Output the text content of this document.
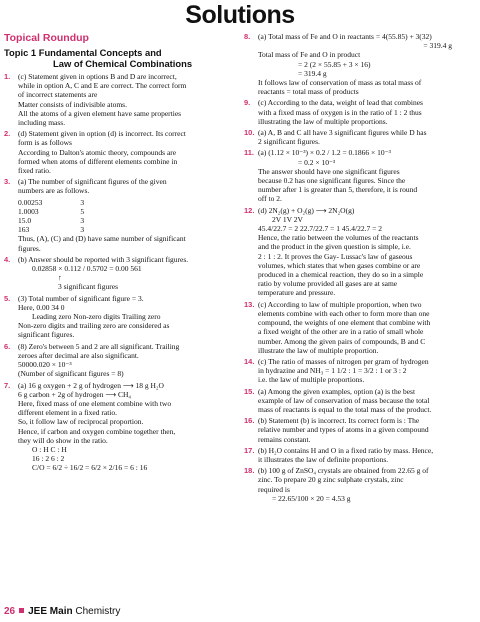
Solutions
Topical Roundup
Topic 1 Fundamental Concepts and
Law of Chemical Combinations
1. (c) Statement given in options B and D are incorrect,
while in option A, C and E are correct. The correct form
of incorrect statements are
Matter consists of indivisible atoms.
All the atoms of a given element have same properties
including mass.
2. (d) Statement given in option (d) is incorrect. Its correct
form is as follows
According to Dalton's atomic theory, compounds are
formed when atoms of different elements combine in
fixed ratio.
3. (a) The number of significant figures of the given
numbers are as follows.
0.00253	3
1.0003	5
15.0	3
163	3
Thus, (A), (C) and (D) have same number of significant
figures.
4. (b) Answer should be reported with 3 significant figures.
0.02858 × 0.112 / 0.5702 = 0.00 561
↑
3 significant figures
5. (3) Total number of significant figure = 3.
Here, 0.00 34 0
Leading zero Non-zero digits Trailing zero
Non-zero digits and trailing zero are considered as
significant figures.
6. (8) Zero's between 5 and 2 are all significant. Trailing
zeroes after decimal are also significant.
50000.020 × 10⁻³
(Number of significant figures = 8)
7. (a) 16 g oxygen + 2 g of hydrogen ⟶ 18 g H₂O
6 g carbon + 2g of hydrogen ⟶ CH₄
Here, fixed mass of one element combine with two
different element in a fixed ratio.
So, it follow law of reciprocal proportion.
Hence, if carbon and oxygen combine together then,
they will do show in the ratio.
O : H C : H
16 : 2 6 : 2
C/O = 6/2 ÷ 16/2 = 6/2 × 2/16 = 6 : 16
8. (a) Total mass of Fe and O in reactants = 4(55.85) + 3(32)
= 319.4 g
Total mass of Fe and O in product
= 2 (2 × 55.85 + 3 × 16)
= 319.4 g
It follows law of conservation of mass as total mass of
reactants = total mass of products
9. (c) According to the data, weight of lead that combines
with a fixed mass of oxygen is in the ratio of 1 : 2 thus
illustrating the law of multiple proportions.
10. (a) A, B and C all have 3 significant figures while D has
2 significant figures.
11. (a) (1.12 × 10⁻³) × 0.2 / 1.2 = 0.1866 × 10⁻³
= 0.2 × 10⁻³
The answer should have one significant figures
because 0.2 has one significant figures. Since the
number after 1 is greater than 5, therefore, it is round
off to 2.
12. (d) 2N₂(g) + O₂(g) ⟶ 2N₂O(g)
2V 1V 2V
45.4/22.7 = 2 22.7/22.7 = 1 45.4/22.7 = 2
Hence, the ratio between the volumes of the reactants
and the product in the given question is simple, i.e.
2 : 1 : 2. It proves the Gay- Lussac's law of gaseous
volumes, which states that when gases combine or are
produced in a chemical reaction, they do so in a simple
ratio by volume provided all gases are at same
temperature and pressure.
13. (c) According to law of multiple proportion, when two
elements combine with each other to form more than one
compound, the weights of one element that combine with
a fixed weight of the other are in a ratio of small whole
number. Among the given pairs of compounds, B and C
illustrate the law of multiple proportion.
14. (c) The ratio of masses of nitrogen per gram of hydrogen
in hydrazine and NH₃ = 1 1/2 : 1 = 3/2 : 1 or 3 : 2
i.e. the law of multiple proportions.
15. (a) Among the given examples, option (a) is the best
example of law of conservation of mass because the total
mass of reactants is equal to the total mass of the product.
16. (b) Statement (b) is incorrect. Its correct form is : The
relative number and types of atoms in a given compound
remains constant.
17. (b) H₂O contains H and O in a fixed ratio by mass. Hence,
it illustrates the law of definite proportions.
18. (b) 100 g of ZnSO₄ crystals are obtained from 22.65 g of
zinc. To prepare 20 g zinc sulphate crystals, zinc
required is
= 22.65/100 × 20 = 4.53 g
26 JEE Main Chemistry
